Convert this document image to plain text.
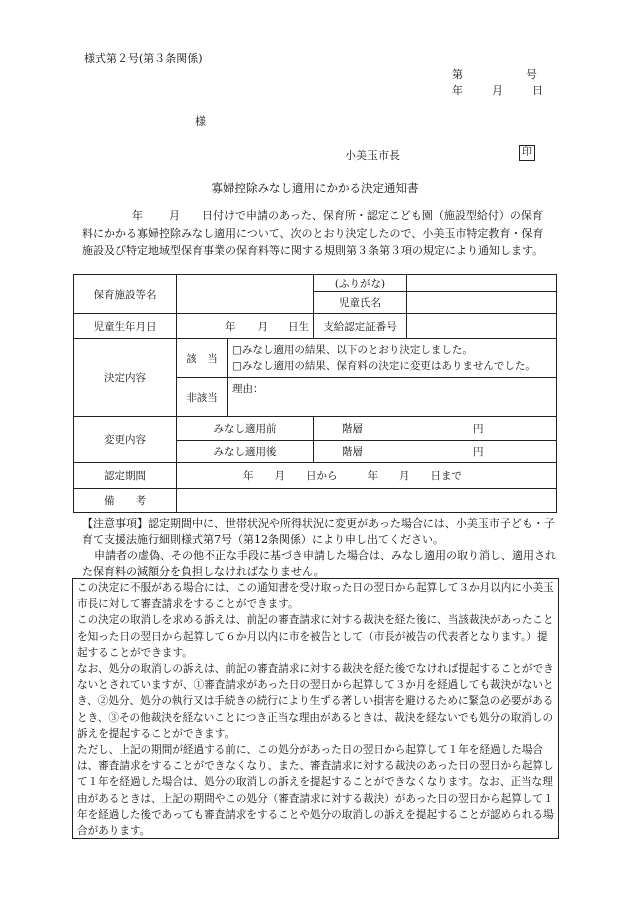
様式第２号(第３条関係)
第	号
年	月	日
様
小美玉市長	印
寡婦控除みなし適用にかかる決定通知書
年 月 日付けで申請のあった、保育所・認定こども園（施設型給付）の保育料にかかる寡婦控除みなし適用について、次のとおり決定したので、小美玉市特定教育・保育施設及び特定地域型保育事業の保育料等に関する規則第３条第３項の規定により通知します。
保育施設等名			(ふりがな)	
			児童氏名	
児童生年月日	年 月 日生		支給認定証番号	
決定内容	該　当	□みなし適用の結果、以下のとおり決定しました。
□みなし適用の結果、保育料の決定に変更はありませんでした。		

	非該当	理由：		
変更内容	みなし適用前		階層 円	
	みなし適用後		階層 円	
認定期間	年　　月　　日から 年　　月　　日まで			
備　　考				

【注意事項】認定期間中に、世帯状況や所得状況に変更があった場合には、小美玉市子ども・子育て支援法施行細則様式第7号（第12条関係）により申し出てください。

申請者の虚偽、その他不正な手段に基づき申請した場合は、みなし適用の取り消し、適用された保育料の減額分を負担しなければなりません。

この決定に不服がある場合には、この通知書を受け取った日の翌日から起算して３か月以内に小美玉市長に対して審査請求をすることができます。

この決定の取消しを求める訴えは、前記の審査請求に対する裁決を経た後に、当該裁決があったことを知った日の翌日から起算して６か月以内に市を被告として（市長が被告の代表者となります。）提起することができます。

なお、処分の取消しの訴えは、前記の審査請求に対する裁決を経た後でなければ提起することができないとされていますが、①審査請求があった日の翌日から起算して３か月を経過しても裁決がないとき、②処分、処分の執行又は手続きの続行により生ずる著しい損害を避けるために緊急の必要があるとき、③その他裁決を経ないことにつき正当な理由があるときは、裁決を経ないでも処分の取消しの訴えを提起することができます。

ただし、上記の期間が経過する前に、この処分があった日の翌日から起算して１年を経過した場合は、審査請求をすることができなくなり、また、審査請求に対する裁決のあった日の翌日から起算して１年を経過した場合は、処分の取消しの訴えを提起することができなくなります。なお、正当な理由があるときは、上記の期間やこの処分（審査請求に対する裁決）があった日の翌日から起算して１年を経過した後であっても審査請求をすることや処分の取消しの訴えを提起することが認められる場合があります。
